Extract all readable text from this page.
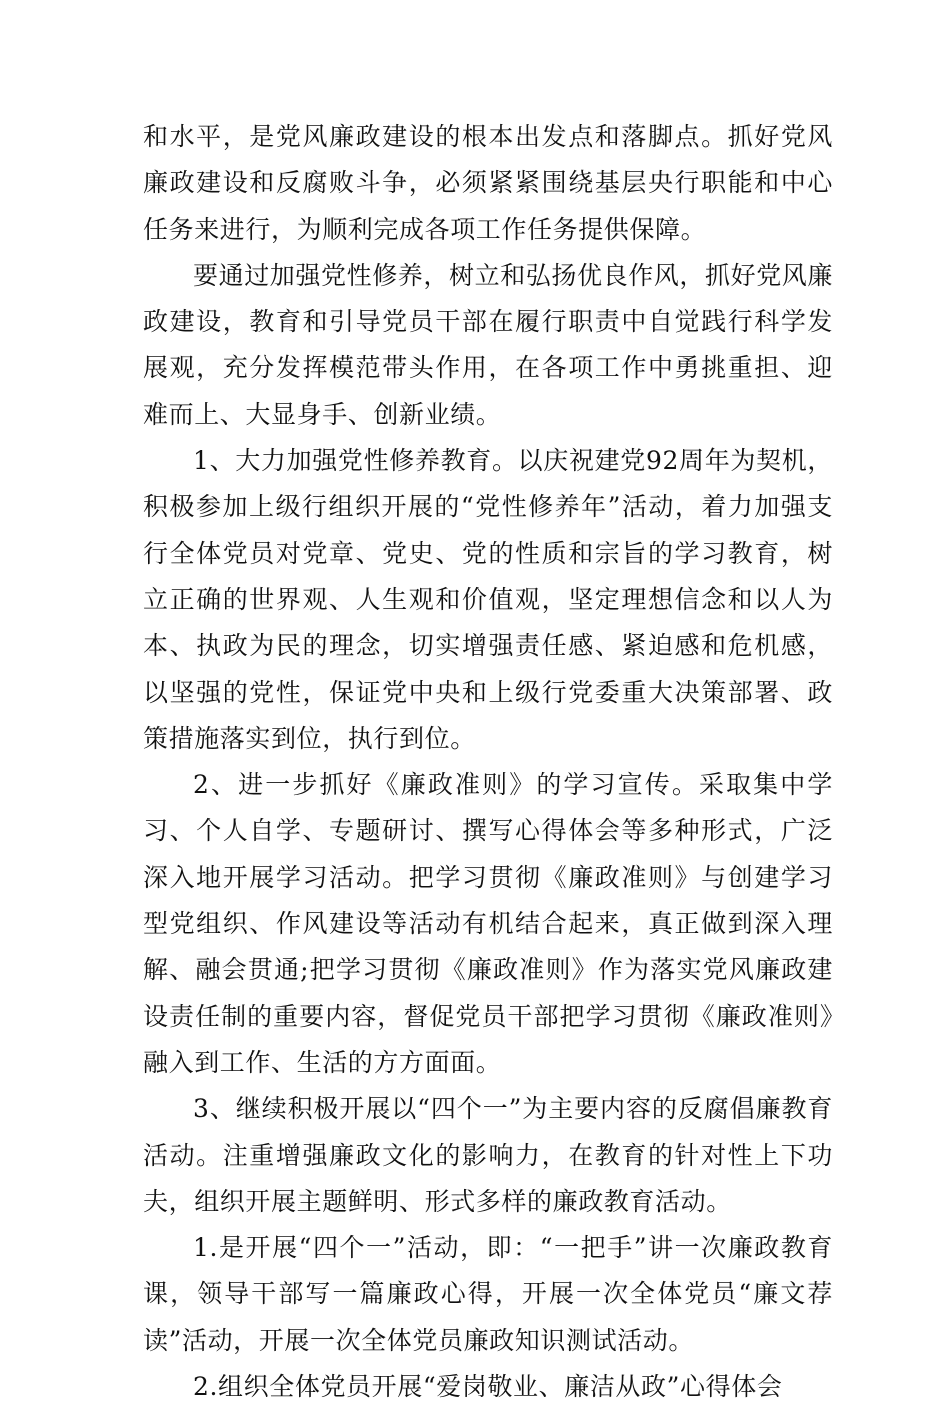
和水平，是党风廉政建设的根本出发点和落脚点。抓好党风廉政建设和反腐败斗争，必须紧紧围绕基层央行职能和中心任务来进行，为顺利完成各项工作任务提供保障。

要通过加强党性修养，树立和弘扬优良作风，抓好党风廉政建设，教育和引导党员干部在履行职责中自觉践行科学发展观，充分发挥模范带头作用，在各项工作中勇挑重担、迎难而上、大显身手、创新业绩。

1、大力加强党性修养教育。以庆祝建党92周年为契机，积极参加上级行组织开展的“党性修养年”活动，着力加强支行全体党员对党章、党史、党的性质和宗旨的学习教育，树立正确的世界观、人生观和价值观，坚定理想信念和以人为本、执政为民的理念，切实增强责任感、紧迫感和危机感，以坚强的党性，保证党中央和上级行党委重大决策部署、政策措施落实到位，执行到位。

2、进一步抓好《廉政准则》的学习宣传。采取集中学习、个人自学、专题研讨、撰写心得体会等多种形式，广泛深入地开展学习活动。把学习贯彻《廉政准则》与创建学习型党组织、作风建设等活动有机结合起来，真正做到深入理解、融会贯通;把学习贯彻《廉政准则》作为落实党风廉政建设责任制的重要内容，督促党员干部把学习贯彻《廉政准则》融入到工作、生活的方方面面。

3、继续积极开展以“四个一”为主要内容的反腐倡廉教育活动。注重增强廉政文化的影响力，在教育的针对性上下功夫，组织开展主题鲜明、形式多样的廉政教育活动。

1.是开展“四个一”活动，即：“一把手”讲一次廉政教育课，领导干部写一篇廉政心得，开展一次全体党员“廉文荐读”活动，开展一次全体党员廉政知识测试活动。

2.组织全体党员开展“爱岗敬业、廉洁从政”心得体会
